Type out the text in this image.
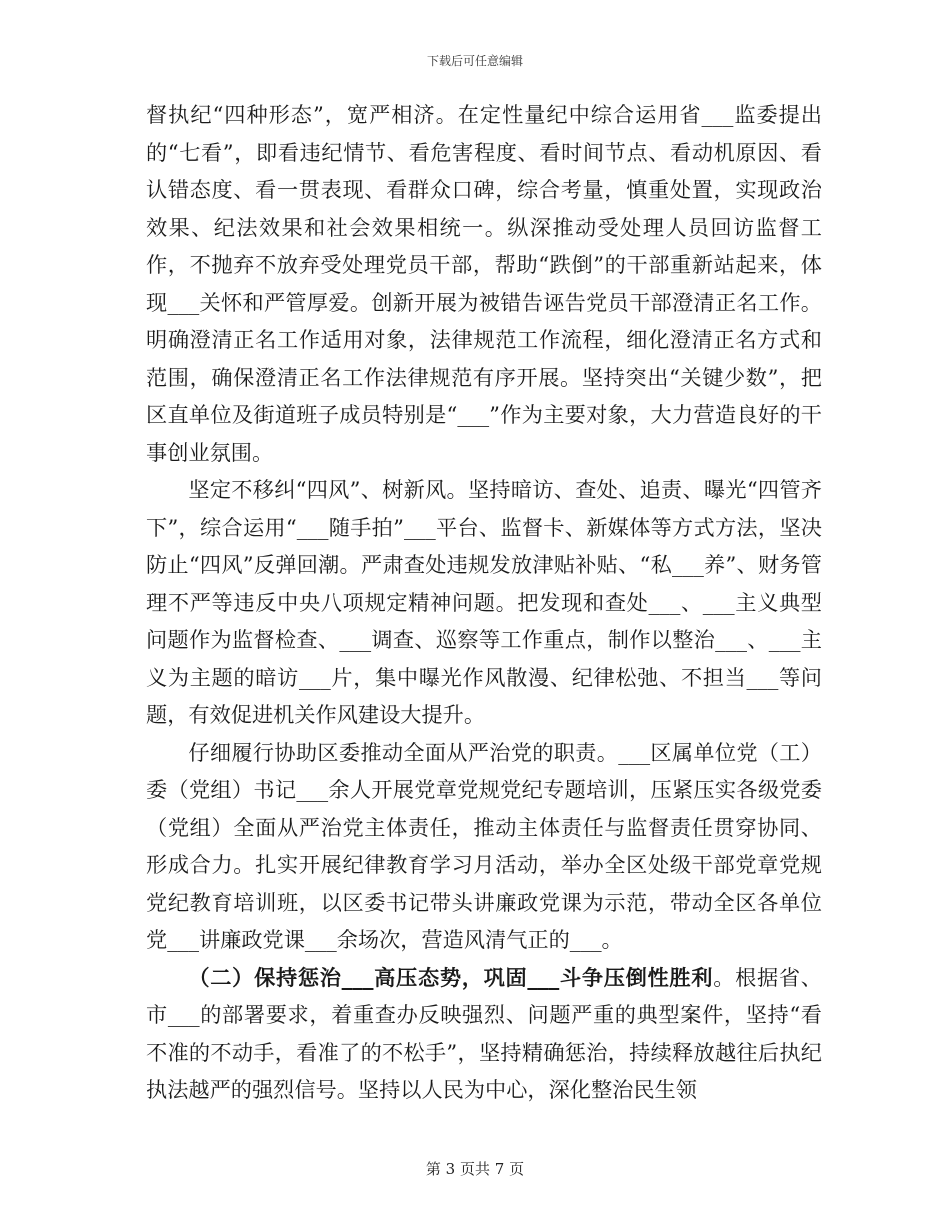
下载后可任意编辑

督执纪“四种形态”，宽严相济。在定性量纪中综合运用省___监委提出的“七看”，即看违纪情节、看危害程度、看时间节点、看动机原因、看认错态度、看一贯表现、看群众口碑，综合考量，慎重处置，实现政治效果、纪法效果和社会效果相统一。纵深推动受处理人员回访监督工作，不抛弃不放弃受处理党员干部，帮助“跌倒”的干部重新站起来，体现___关怀和严管厚爱。创新开展为被错告诬告党员干部澄清正名工作。明确澄清正名工作适用对象，法律规范工作流程，细化澄清正名方式和范围，确保澄清正名工作法律规范有序开展。坚持突出“关键少数”，把区直单位及街道班子成员特别是“___”作为主要对象，大力营造良好的干事创业氛围。

坚定不移纠“四风”、树新风。坚持暗访、查处、追责、曝光“四管齐下”，综合运用“___随手拍”___平台、监督卡、新媒体等方式方法，坚决防止“四风”反弹回潮。严肃查处违规发放津贴补贴、“私___养”、财务管理不严等违反中央八项规定精神问题。把发现和查处___、___主义典型问题作为监督检查、___调查、巡察等工作重点，制作以整治___、___主义为主题的暗访___片，集中曝光作风散漫、纪律松弛、不担当___等问题，有效促进机关作风建设大提升。

仔细履行协助区委推动全面从严治党的职责。___区属单位党（工）委（党组）书记___余人开展党章党规党纪专题培训，压紧压实各级党委（党组）全面从严治党主体责任，推动主体责任与监督责任贯穿协同、形成合力。扎实开展纪律教育学习月活动，举办全区处级干部党章党规党纪教育培训班，以区委书记带头讲廉政党课为示范，带动全区各单位党___讲廉政党课___余场次，营造风清气正的___。

（二）保持惩治___高压态势，巩固___斗争压倒性胜利。根据省、市___的部署要求，着重查办反映强烈、问题严重的典型案件，坚持“看不准的不动手，看准了的不松手”，坚持精确惩治，持续释放越往后执纪执法越严的强烈信号。坚持以人民为中心，深化整治民生领

第 3 页共 7 页
